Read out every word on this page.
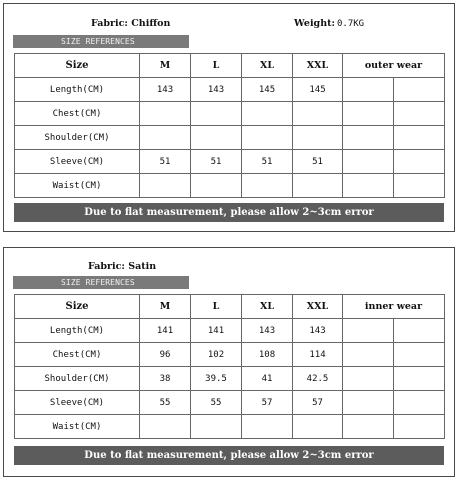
Fabric: Chiffon	Weight: 0.7KG
SIZE REFERENCES
Size	M	L	XL	XXL	outer wear	
Length(CM)	143	143	145	145		
Chest(CM)						
Shoulder(CM)						
Sleeve(CM)	51	51	51	51		
Waist(CM)						
Due to flat measurement, please allow 2~3cm error
Fabric: Satin
SIZE REFERENCES
Size	M	L	XL	XXL	inner wear	
Length(CM)	141	141	143	143		
Chest(CM)	96	102	108	114		
Shoulder(CM)	38	39.5	41	42.5		
Sleeve(CM)	55	55	57	57		
Waist(CM)						
Due to flat measurement, please allow 2~3cm error
